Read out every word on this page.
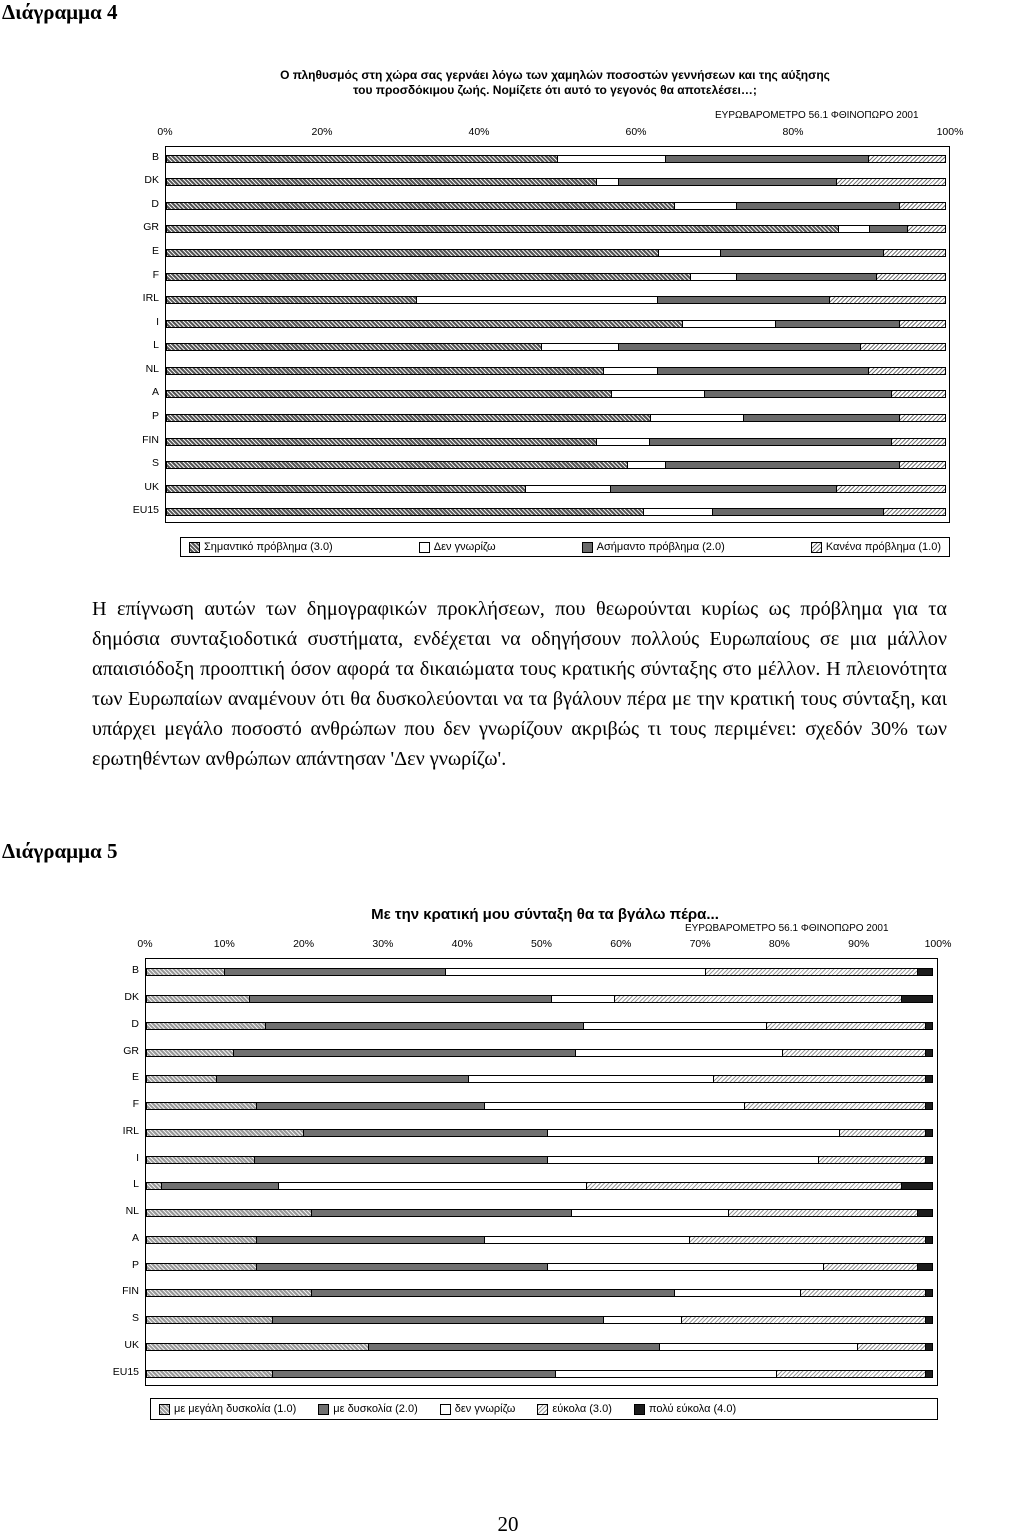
Διάγραμμα 4
Ο πληθυσμός στη χώρα σας γερνάει λόγω των χαμηλών ποσοστών γεννήσεων και της αύξησης
του προσδόκιμου ζωής. Νομίζετε ότι αυτό το γεγονός θα αποτελέσει…;
ΕΥΡΩΒΑΡΟΜΕΤΡΟ 56.1 ΦΘΙΝΟΠΩΡΟ 2001
0%	20%	40%	60%	80%	100%
B
DK
D
GR
E
F
IRL
I
L
NL
A
P
FIN
S
UK
EU15
Σημαντικό πρόβλημα (3.0)	Δεν γνωρίζω	Ασήμαντο πρόβλημα (2.0)	Κανένα πρόβλημα (1.0)

Η επίγνωση αυτών των δημογραφικών προκλήσεων, που θεωρούνται κυρίως ως πρόβλημα για τα δημόσια συνταξιοδοτικά συστήματα, ενδέχεται να οδηγήσουν πολλούς Ευρωπαίους σε μια μάλλον απαισιόδοξη προοπτική όσον αφορά τα δικαιώματα τους κρατικής σύνταξης στο μέλλον. Η πλειονότητα των Ευρωπαίων αναμένουν ότι θα δυσκολεύονται να τα βγάλουν πέρα με την κρατική τους σύνταξη, και υπάρχει μεγάλο ποσοστό ανθρώπων που δεν γνωρίζουν ακριβώς τι τους περιμένει: σχεδόν 30% των ερωτηθέντων ανθρώπων απάντησαν 'Δεν γνωρίζω'.

Διάγραμμα 5
Με την κρατική μου σύνταξη θα τα βγάλω πέρα...
ΕΥΡΩΒΑΡΟΜΕΤΡΟ 56.1 ΦΘΙΝΟΠΩΡΟ 2001
0%	10%	20%	30%	40%	50%	60%	70%	80%	90%	100%
B
DK
D
GR
E
F
IRL
I
L
NL
A
P
FIN
S
UK
EU15
με μεγάλη δυσκολία (1.0)	με δυσκολία (2.0)	δεν γνωρίζω	εύκολα (3.0)	πολύ εύκολα (4.0)
20
